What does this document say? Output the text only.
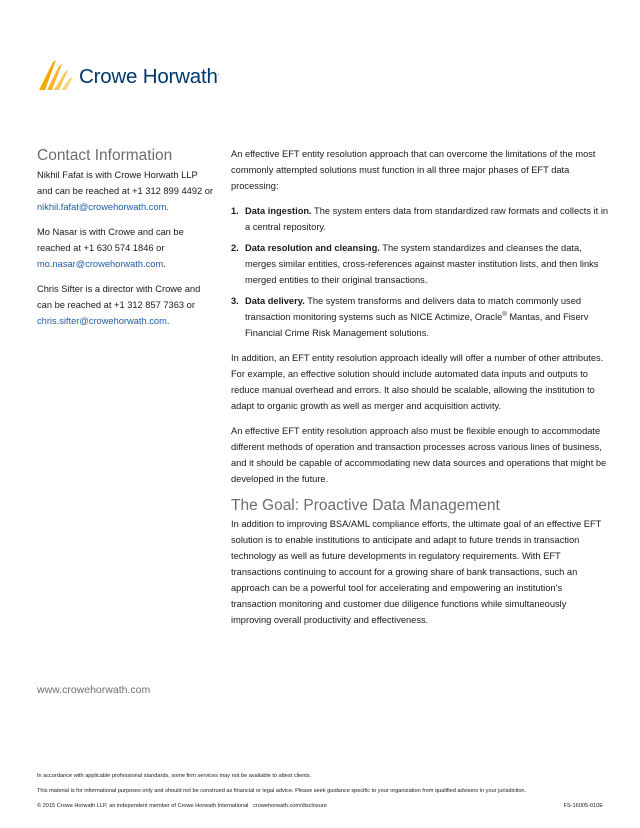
Crowe Horwath.
Contact Information

Nikhil Fafat is with Crowe Horwath LLP and can be reached at +1 312 899 4492 or nikhil.fafat@crowehorwath.com.

Mo Nasar is with Crowe and can be reached at +1 630 574 1846 or mo.nasar@crowehorwath.com.

Chris Sifter is a director with Crowe and can be reached at +1 312 857 7363 or chris.sifter@crowehorwath.com.

An effective EFT entity resolution approach that can overcome the limitations of the most commonly attempted solutions must function in all three major phases of EFT data processing:

1. Data ingestion. The system enters data from standardized raw formats and collects it in a central repository.
2. Data resolution and cleansing. The system standardizes and cleanses the data, merges similar entities, cross-references against master institution lists, and then links merged entities to their original transactions.
3. Data delivery. The system transforms and delivers data to match commonly used transaction monitoring systems such as NICE Actimize, Oracle® Mantas, and Fiserv Financial Crime Risk Management solutions.

In addition, an EFT entity resolution approach ideally will offer a number of other attributes. For example, an effective solution should include automated data inputs and outputs to reduce manual overhead and errors. It also should be scalable, allowing the institution to adapt to organic growth as well as merger and acquisition activity.

An effective EFT entity resolution approach also must be flexible enough to accommodate different methods of operation and transaction processes across various lines of business, and it should be capable of accommodating new data sources and operations that might be developed in the future.

The Goal: Proactive Data Management

In addition to improving BSA/AML compliance efforts, the ultimate goal of an effective EFT solution is to enable institutions to anticipate and adapt to future trends in transaction technology as well as future developments in regulatory requirements. With EFT transactions continuing to account for a growing share of bank transactions, such an approach can be a powerful tool for accelerating and empowering an institution’s transaction monitoring and customer due diligence functions while simultaneously improving overall productivity and effectiveness.

www.crowehorwath.com
In accordance with applicable professional standards, some firm services may not be available to attest clients.
This material is for informational purposes only and should not be construed as financial or legal advice. Please seek guidance specific to your organization from qualified advisers in your jurisdiction.
© 2015 Crowe Horwath LLP, an independent member of Crowe Horwath International crowehorwath.com/disclosure	FS-16005-010E
